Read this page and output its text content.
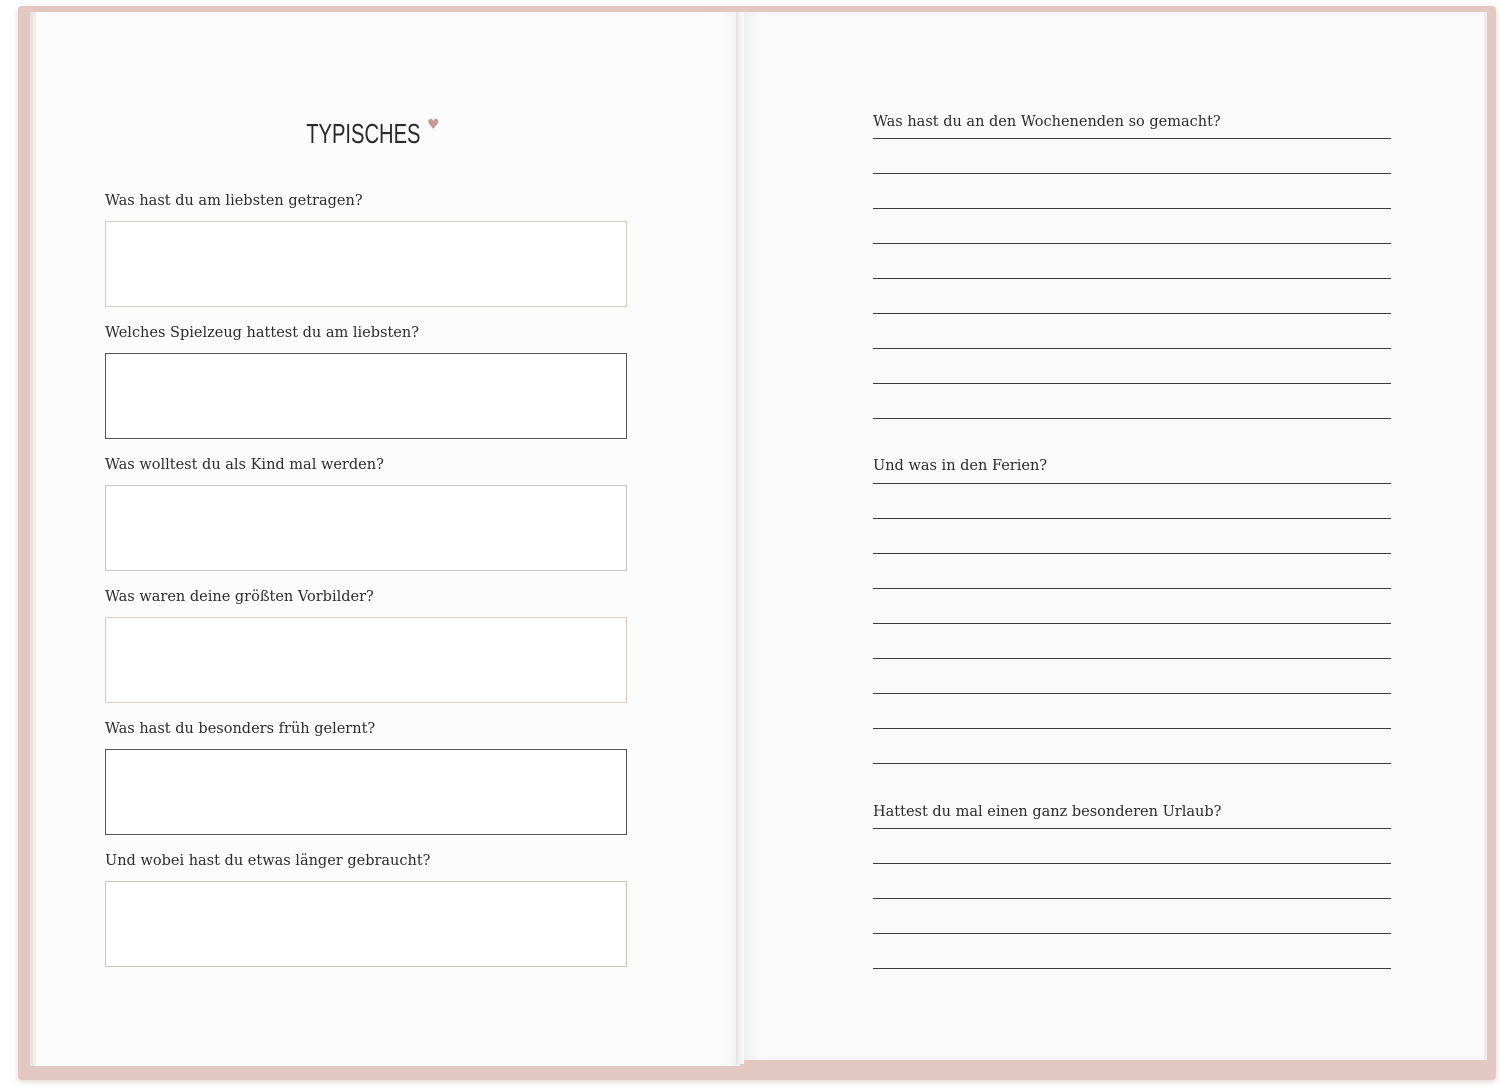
TYPISCHES ♥
Was hast du am liebsten getragen?
Welches Spielzeug hattest du am liebsten?
Was wolltest du als Kind mal werden?
Was waren deine größten Vorbilder?
Was hast du besonders früh gelernt?
Und wobei hast du etwas länger gebraucht?
Was hast du an den Wochenenden so gemacht?
Und was in den Ferien?
Hattest du mal einen ganz besonderen Urlaub?
